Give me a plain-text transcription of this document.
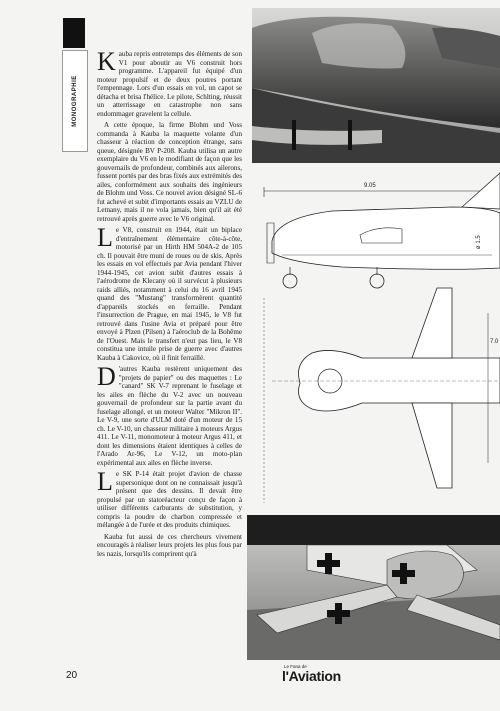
MONOGRAPHIE

Kauba repris entretemps des éléments de son V1 pour aboutir au V6 construit hors programme. L'appareil fut équipé d'un moteur propulsif et de deux poutres portant l'empennage. Lors d'un essais en vol, un capot se détacha et brisa l'hélice. Le pilote, Schlting, réussit un atterrissage en catastrophe non sans endommager gravelent la cellule.

A cette époque, la firme Blohm und Voss commanda à Kauba la maquette volante d'un chasseur à réaction de conception étrange, sans queue, désignée BV P-208. Kauba utilisa un autre exemplaire du V6 en le modifiant de façon que les gouvernails de profondeur, combinés aux ailerons, fussent portés par des bras fixés aux extrémités des ailes, conformément aux souhaits des ingénieurs de Blohm und Voss. Ce nouvel avion désigné SL-6 fut achevé et subit d'importants essais au VZLU de Letnany, mais il ne vola jamais, bien qu'il ait été retrouvé après guerre avec le V6 original.

Le V8, construit en 1944, était un biplace d'entraînement élémentaire côte-à-côte, motorisé par un Hirth HM 504A-2 de 105 ch. Il pouvait être muni de roues ou de skis. Après les essais en vol effectués par Avia pendant l'hiver 1944-1945, cet avion subit d'autres essais à l'aérodrome de Klecany où il survécut à plusieurs raids alliés, notamment à celui du 16 avril 1945 quand des "Mustang" transformèrent quantité d'appareils stockés en ferraille. Pendant l'insurrection de Prague, en mai 1945, le V8 fut retrouvé dans l'usine Avia et préparé pour être envoyé à Plzen (Pilsen) à l'aéroclub de la Bohême de l'Ouest. Mais le transfert n'eut pas lieu, le V8 constitua une intuile prise de guerre avec d'autres Kauba à Cakovice, où il finit ferraillé.

D 'autres Kauba restèrent uniquement des "projets de papier" ou des maquettes : Le "canard" SK V-7 reprenant le fuselage et les ailes en flèche du V-2 avec un nouveau gouvernail de profondeur sur la partie avant du fuselage allongé, et un moteur Walter "Mikron II". Le V-9, une sorte d'ULM doté d'un moteur de 15 ch. Le V-10, un chasseur militaire à moteurs Argus 411. Le V-11, monomoteur à moteur Argus 411, et dont les dimensions étaient identiques à celles de l'Arado Ar-96, Le V-12, un moto-plan expérimental aux ailes en flèche inverse.

Le SK P-14 était projet d'avion de chasse supersonique dont on ne connaissait jusqu'à présent que des dessins. Il devait être propulsé par un statoréacteur conçu de façon à utiliser différents carburants de substitution, y compris la poudre de charbon compressée et mélangée à de l'urée et des produits chimiques.

Kauba fut aussi de ces chercheurs vivement encouragés à réaliser leurs projets les plus fous par les nazis, lorsqu'ils comprirent qu'à

9.05
ø 1.5
7.0
20
Le Fana de
l'Aviation
